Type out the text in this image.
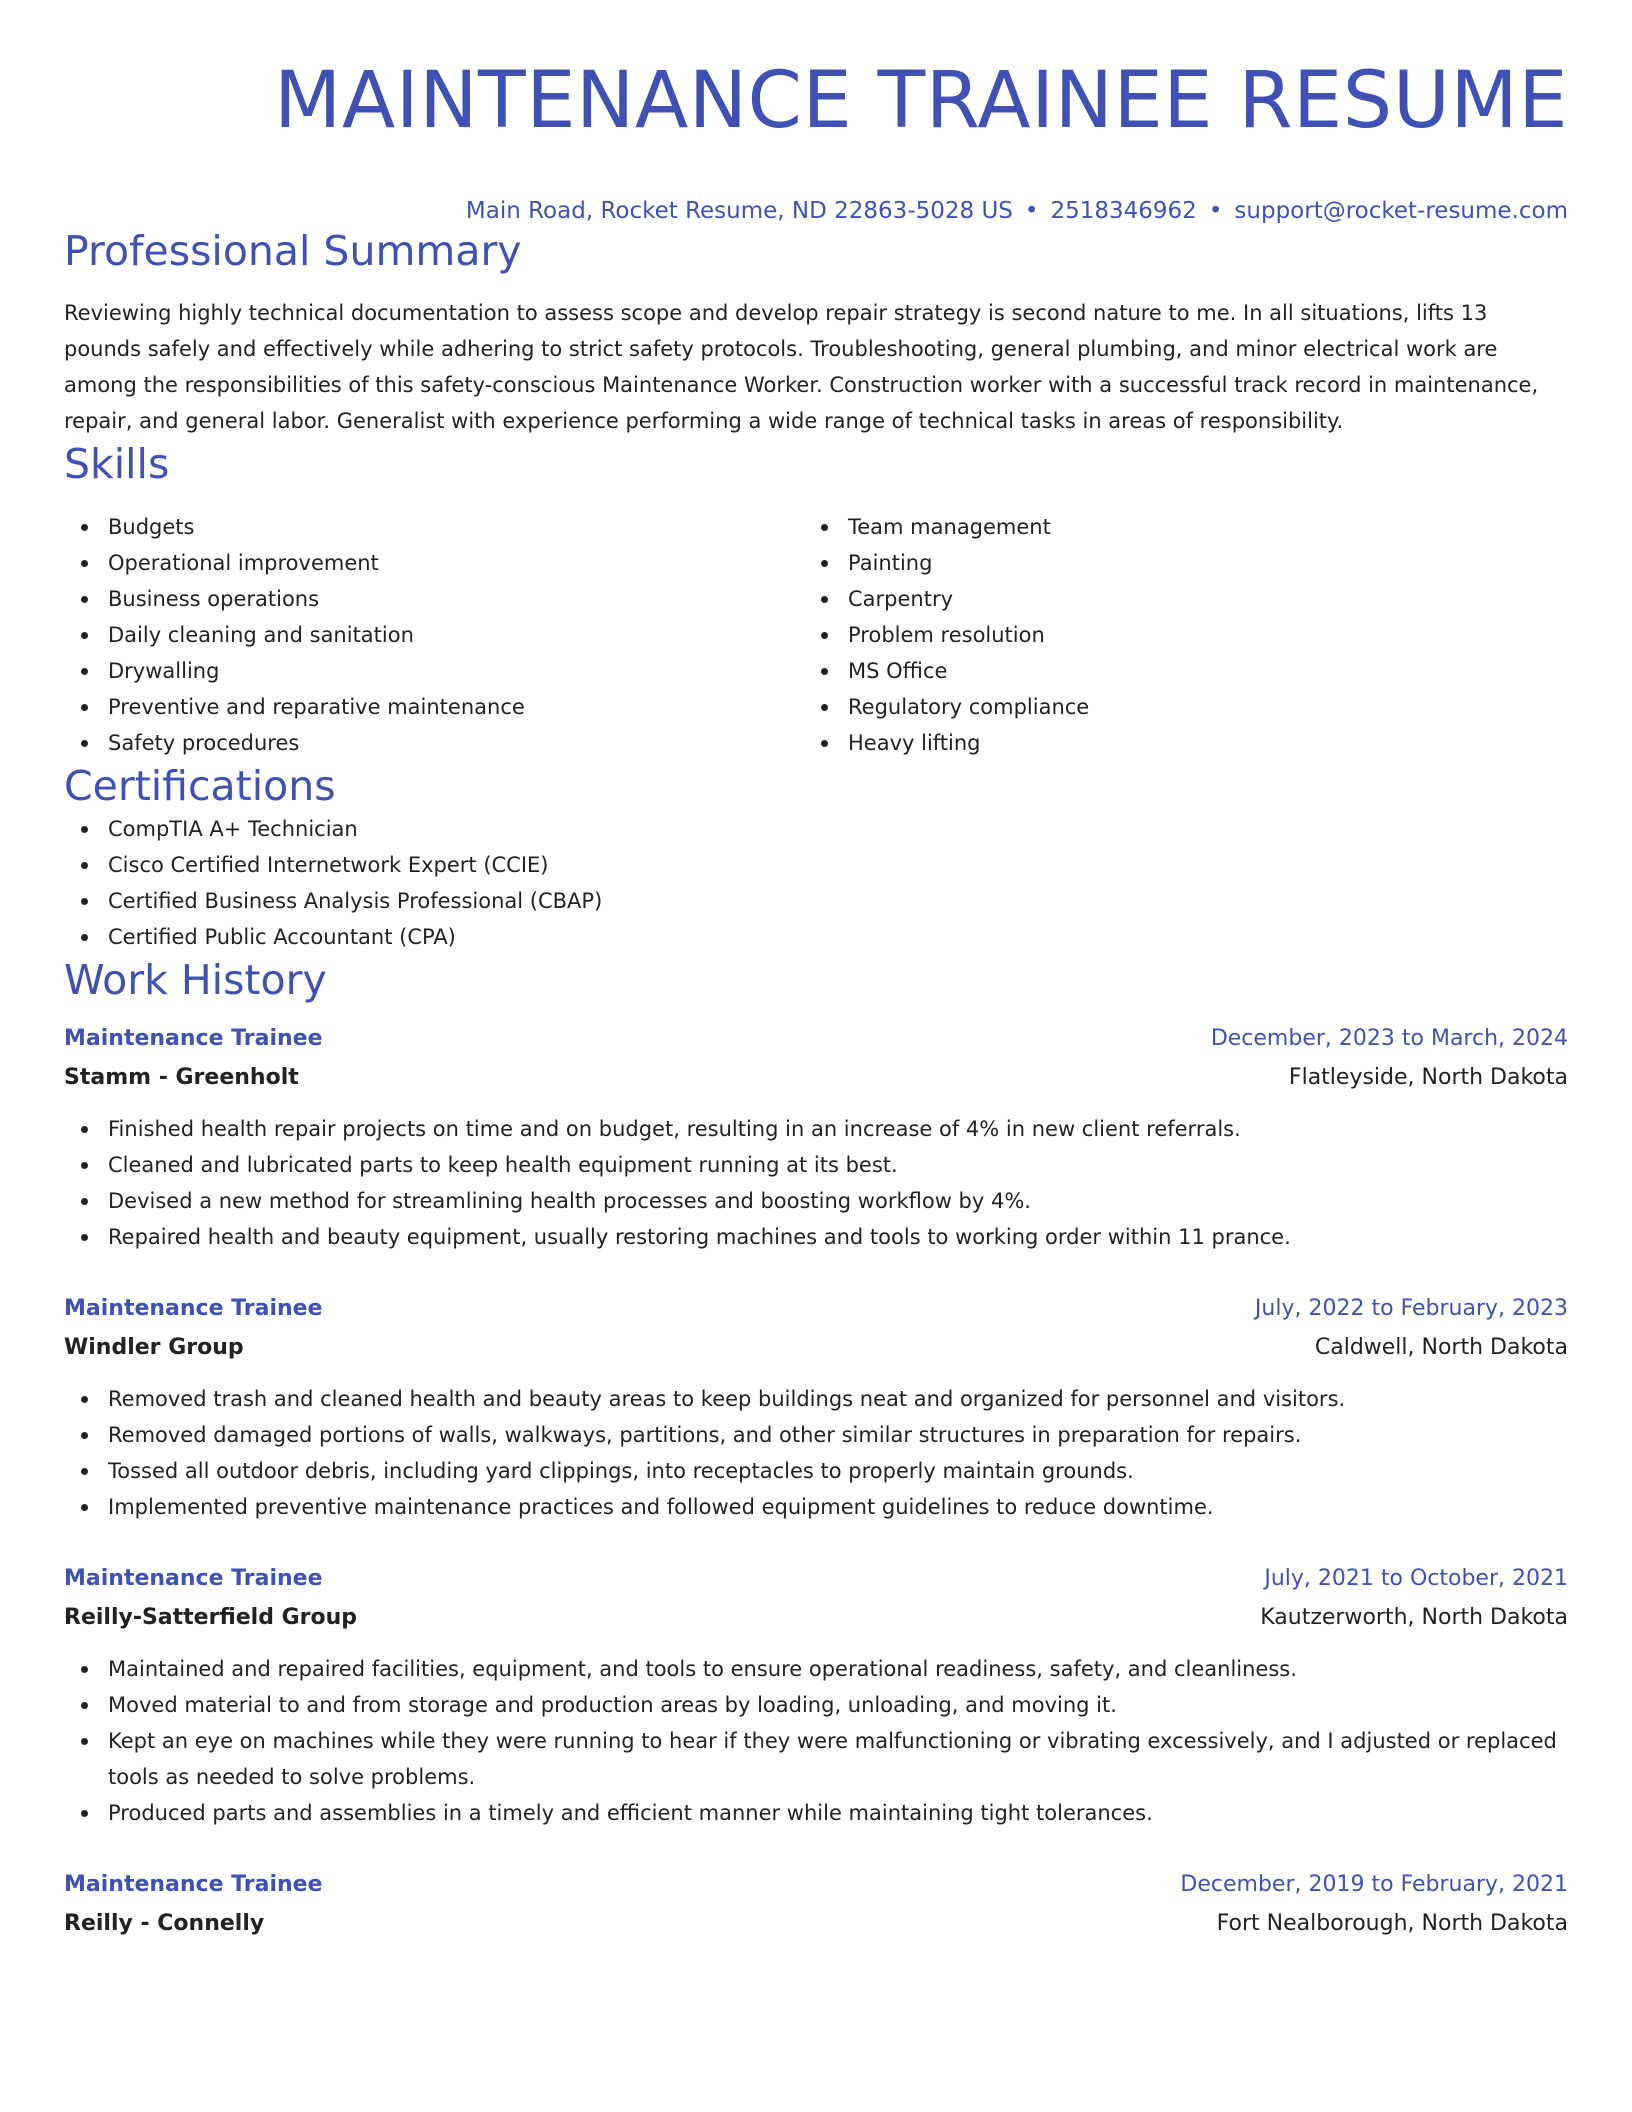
MAINTENANCE TRAINEE RESUME
Main Road, Rocket Resume, ND 22863-5028 US • 2518346962 • support@rocket-resume.com
Professional Summary
Reviewing highly technical documentation to assess scope and develop repair strategy is second nature to me. In all situations, lifts 13 pounds safely and effectively while adhering to strict safety protocols. Troubleshooting, general plumbing, and minor electrical work are among the responsibilities of this safety-conscious Maintenance Worker. Construction worker with a successful track record in maintenance, repair, and general labor. Generalist with experience performing a wide range of technical tasks in areas of responsibility.
Skills
Budgets
Operational improvement
Business operations
Daily cleaning and sanitation
Drywalling
Preventive and reparative maintenance
Safety procedures
Team management
Painting
Carpentry
Problem resolution
MS Office
Regulatory compliance
Heavy lifting
Certifications
CompTIA A+ Technician
Cisco Certified Internetwork Expert (CCIE)
Certified Business Analysis Professional (CBAP)
Certified Public Accountant (CPA)
Work History
Maintenance Trainee	December, 2023 to March, 2024
Stamm - Greenholt	Flatleyside, North Dakota
Finished health repair projects on time and on budget, resulting in an increase of 4% in new client referrals.
Cleaned and lubricated parts to keep health equipment running at its best.
Devised a new method for streamlining health processes and boosting workflow by 4%.
Repaired health and beauty equipment, usually restoring machines and tools to working order within 11 prance.
Maintenance Trainee	July, 2022 to February, 2023
Windler Group	Caldwell, North Dakota
Removed trash and cleaned health and beauty areas to keep buildings neat and organized for personnel and visitors.
Removed damaged portions of walls, walkways, partitions, and other similar structures in preparation for repairs.
Tossed all outdoor debris, including yard clippings, into receptacles to properly maintain grounds.
Implemented preventive maintenance practices and followed equipment guidelines to reduce downtime.
Maintenance Trainee	July, 2021 to October, 2021
Reilly-Satterfield Group	Kautzerworth, North Dakota
Maintained and repaired facilities, equipment, and tools to ensure operational readiness, safety, and cleanliness.
Moved material to and from storage and production areas by loading, unloading, and moving it.
Kept an eye on machines while they were running to hear if they were malfunctioning or vibrating excessively, and I adjusted or replaced tools as needed to solve problems.
Produced parts and assemblies in a timely and efficient manner while maintaining tight tolerances.
Maintenance Trainee	December, 2019 to February, 2021
Reilly - Connelly	Fort Nealborough, North Dakota
